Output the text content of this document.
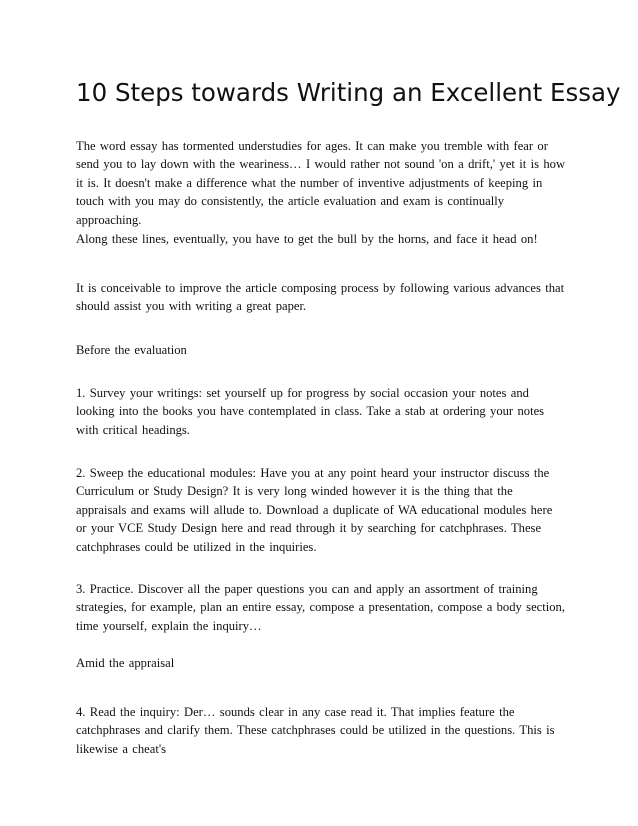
10 Steps towards Writing an Excellent Essay

The word essay has tormented understudies for ages. It can make you tremble with fear or send you to lay down with the weariness… I would rather not sound 'on a drift,' yet it is how it is. It doesn't make a difference what the number of inventive adjustments of keeping in touch with you may do consistently, the article evaluation and exam is continually approaching.

Along these lines, eventually, you have to get the bull by the horns, and face it head on!

It is conceivable to improve the article composing process by following various advances that should assist you with writing a great paper.

Before the evaluation

1. Survey your writings: set yourself up for progress by social occasion your notes and looking into the books you have contemplated in class. Take a stab at ordering your notes with critical headings.

2. Sweep the educational modules: Have you at any point heard your instructor discuss the Curriculum or Study Design? It is very long winded however it is the thing that the appraisals and exams will allude to. Download a duplicate of WA educational modules here or your VCE Study Design here and read through it by searching for catchphrases. These catchphrases could be utilized in the inquiries.

3. Practice. Discover all the paper questions you can and apply an assortment of training strategies, for example, plan an entire essay, compose a presentation, compose a body section, time yourself, explain the inquiry…

Amid the appraisal

4. Read the inquiry: Der… sounds clear in any case read it. That implies feature the catchphrases and clarify them. These catchphrases could be utilized in the questions. This is likewise a cheat's
